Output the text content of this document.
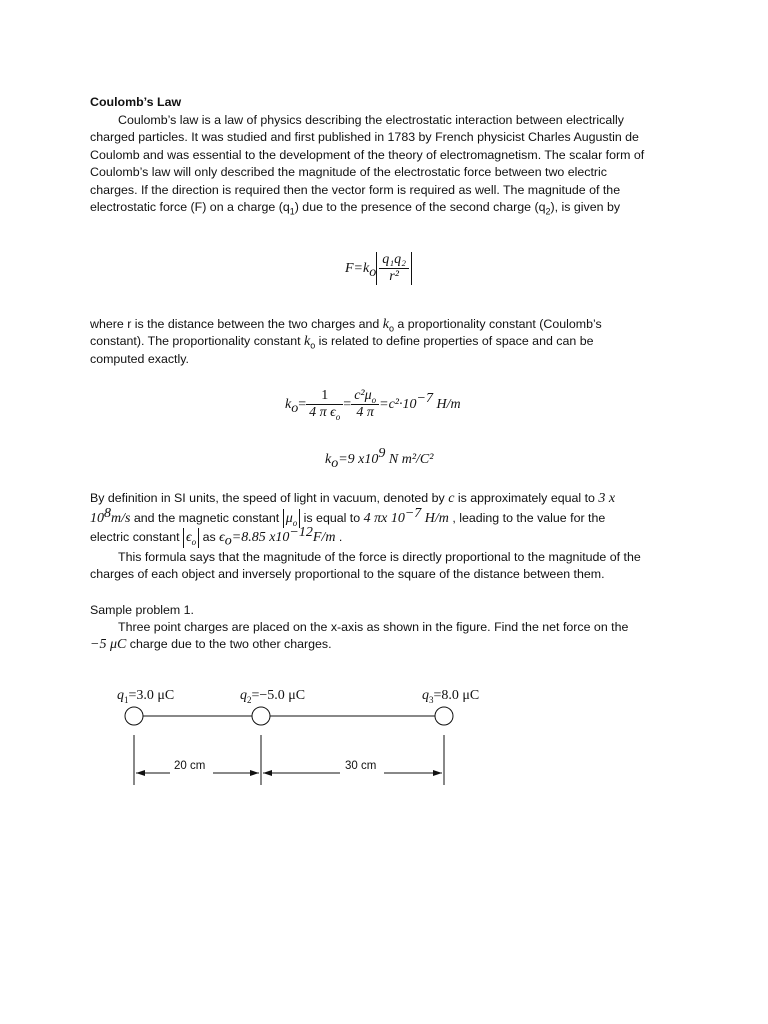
Coulomb’s Law
Coulomb’s law is a law of physics describing the electrostatic interaction between electrically charged particles. It was studied and first published in 1783 by French physicist Charles Augustin de Coulomb and was essential to the development of the theory of electromagnetism. The scalar form of Coulomb’s law will only described the magnitude of the electrostatic force between two electric charges. If the direction is required then the vector form is required as well. The magnitude of the electrostatic force (F) on a charge $(q_1)$ due to the presence of the second charge $(q_2)$, is given by
$F=k_o \frac{\text{q₁q₂}}{\text{r²}}$
where r is the distance between the two charges and $k_o$ a proportionality constant (Coulomb’s constant). The proportionality constant $k_o$ is related to define properties of space and can be computed exactly.
$k_o= \frac{1}{4 \pi \epsilon_o} = \frac{c^2\mu_o}{4 \pi} =c^2\cdot 10^{-7}$ H/m
$k_o=9$ $x10^9$ N m²/C²
By definition in SI units, the speed of light in vacuum, denoted by c is approximately equal to 3 x $10^8m/s$ and the magnetic constant $\mu_o$ is equal to 4 πx $10^{-7}$ H/m , leading to the value for the electric constant $\epsilon_o$ as $\epsilon_o=8.85$ $x10^{-12}F/m$ .
This formula says that the magnitude of the force is directly proportional to the magnitude of the charges of each object and inversely proportional to the square of the distance between them.
Sample problem 1.
Three point charges are placed on the x-axis as shown in the figure. Find the net force on the

−5 μC charge due to the two other charges.
$q_1=3.0$ μC	$q_2=-5.0$ μC	$q_3=8.0$ μC
20 cm	30 cm
